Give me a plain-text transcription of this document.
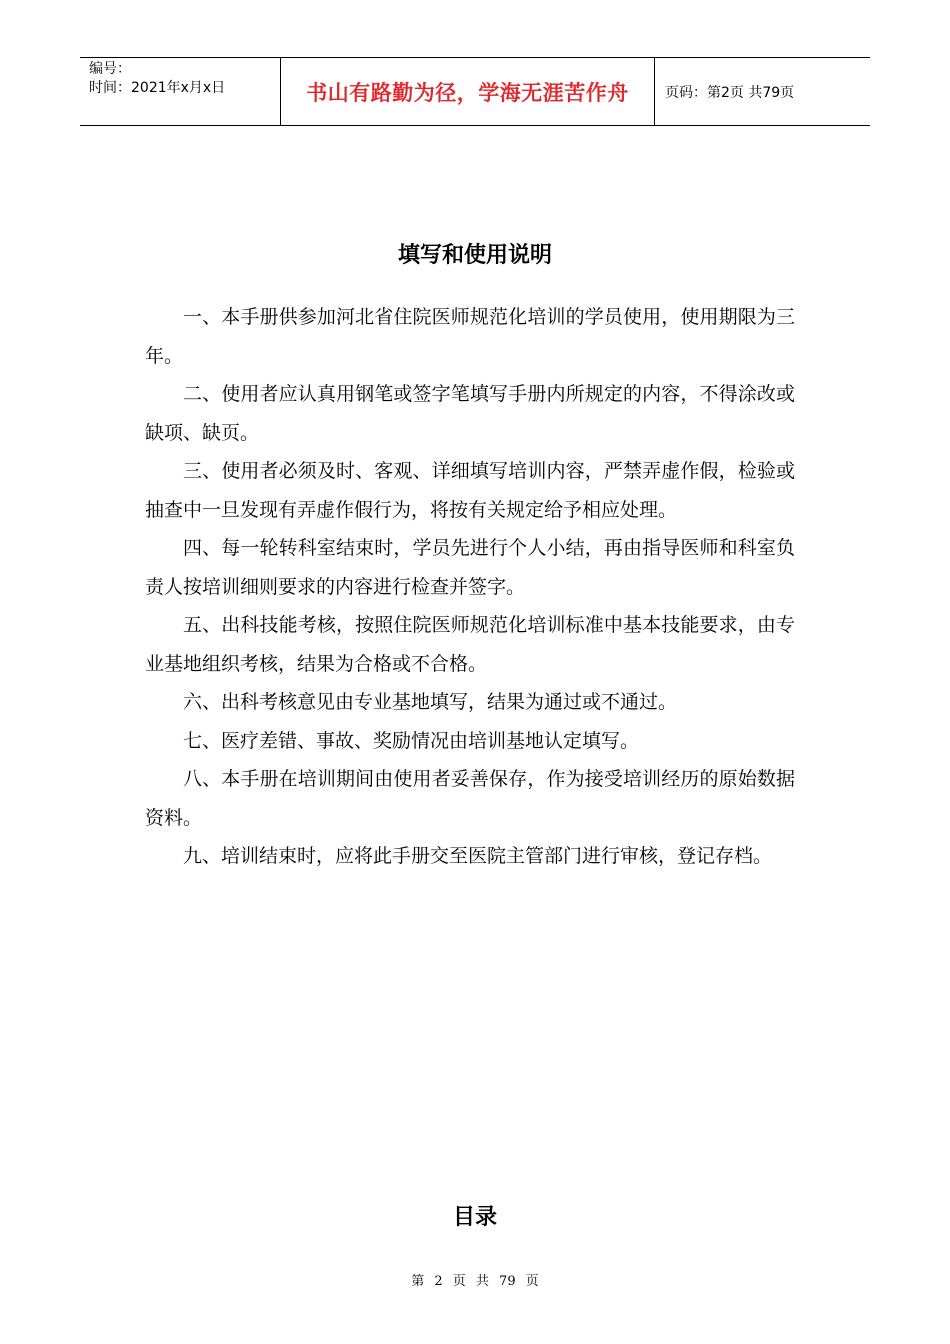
编号：
时间：2021年x月x日	书山有路勤为径，学海无涯苦作舟	页码：第2页 共79页
填写和使用说明

一、本手册供参加河北省住院医师规范化培训的学员使用，使用期限为三年。

二、使用者应认真用钢笔或签字笔填写手册内所规定的内容，不得涂改或缺项、缺页。

三、使用者必须及时、客观、详细填写培训内容，严禁弄虚作假，检验或抽查中一旦发现有弄虚作假行为，将按有关规定给予相应处理。

四、每一轮转科室结束时，学员先进行个人小结，再由指导医师和科室负责人按培训细则要求的内容进行检查并签字。

五、出科技能考核，按照住院医师规范化培训标准中基本技能要求，由专业基地组织考核，结果为合格或不合格。

六、出科考核意见由专业基地填写，结果为通过或不通过。

七、医疗差错、事故、奖励情况由培训基地认定填写。

八、本手册在培训期间由使用者妥善保存，作为接受培训经历的原始数据资料。

九、培训结束时，应将此手册交至医院主管部门进行审核，登记存档。

目录
第 2 页 共 79 页
